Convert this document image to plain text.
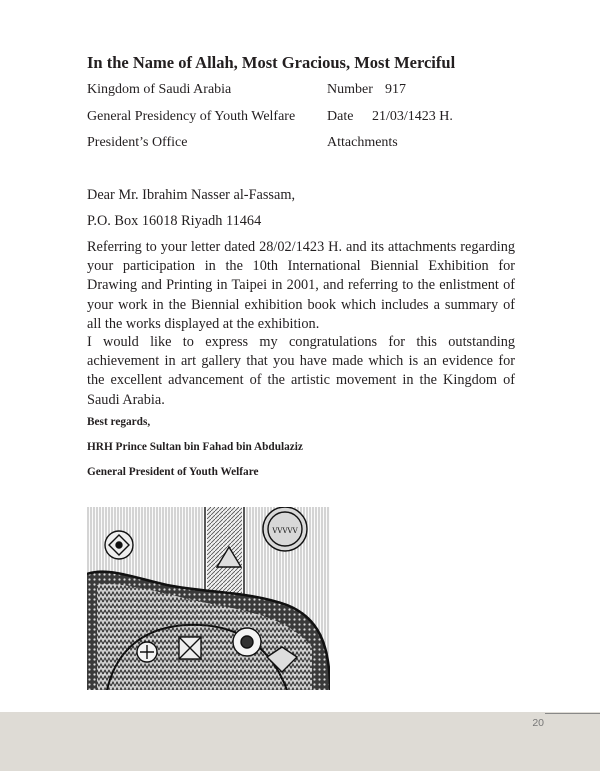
In the Name of Allah, Most Gracious, Most Merciful
Kingdom of Saudi Arabia
General Presidency of Youth Welfare
President’s Office
Number 917
Date 21/03/1423 H.
Attachments
Dear Mr. Ibrahim Nasser al-Fassam,
P.O. Box 16018 Riyadh 11464
Referring to your letter dated 28/02/1423 H. and its attachments regarding your participation in the 10th International Biennial Exhibition for Drawing and Printing in Taipei in 2001, and referring to the enlistment of your work in the Biennial exhibition book which includes a summary of all the works displayed at the exhibition.
I would like to express my congratulations for this outstanding achievement in art gallery that you have made which is an evidence for the excellent advancement of the artistic movement in the Kingdom of Saudi Arabia.
Best regards,
HRH Prince Sultan bin Fahad bin Abdulaziz
General President of Youth Welfare
VVVVV
20
